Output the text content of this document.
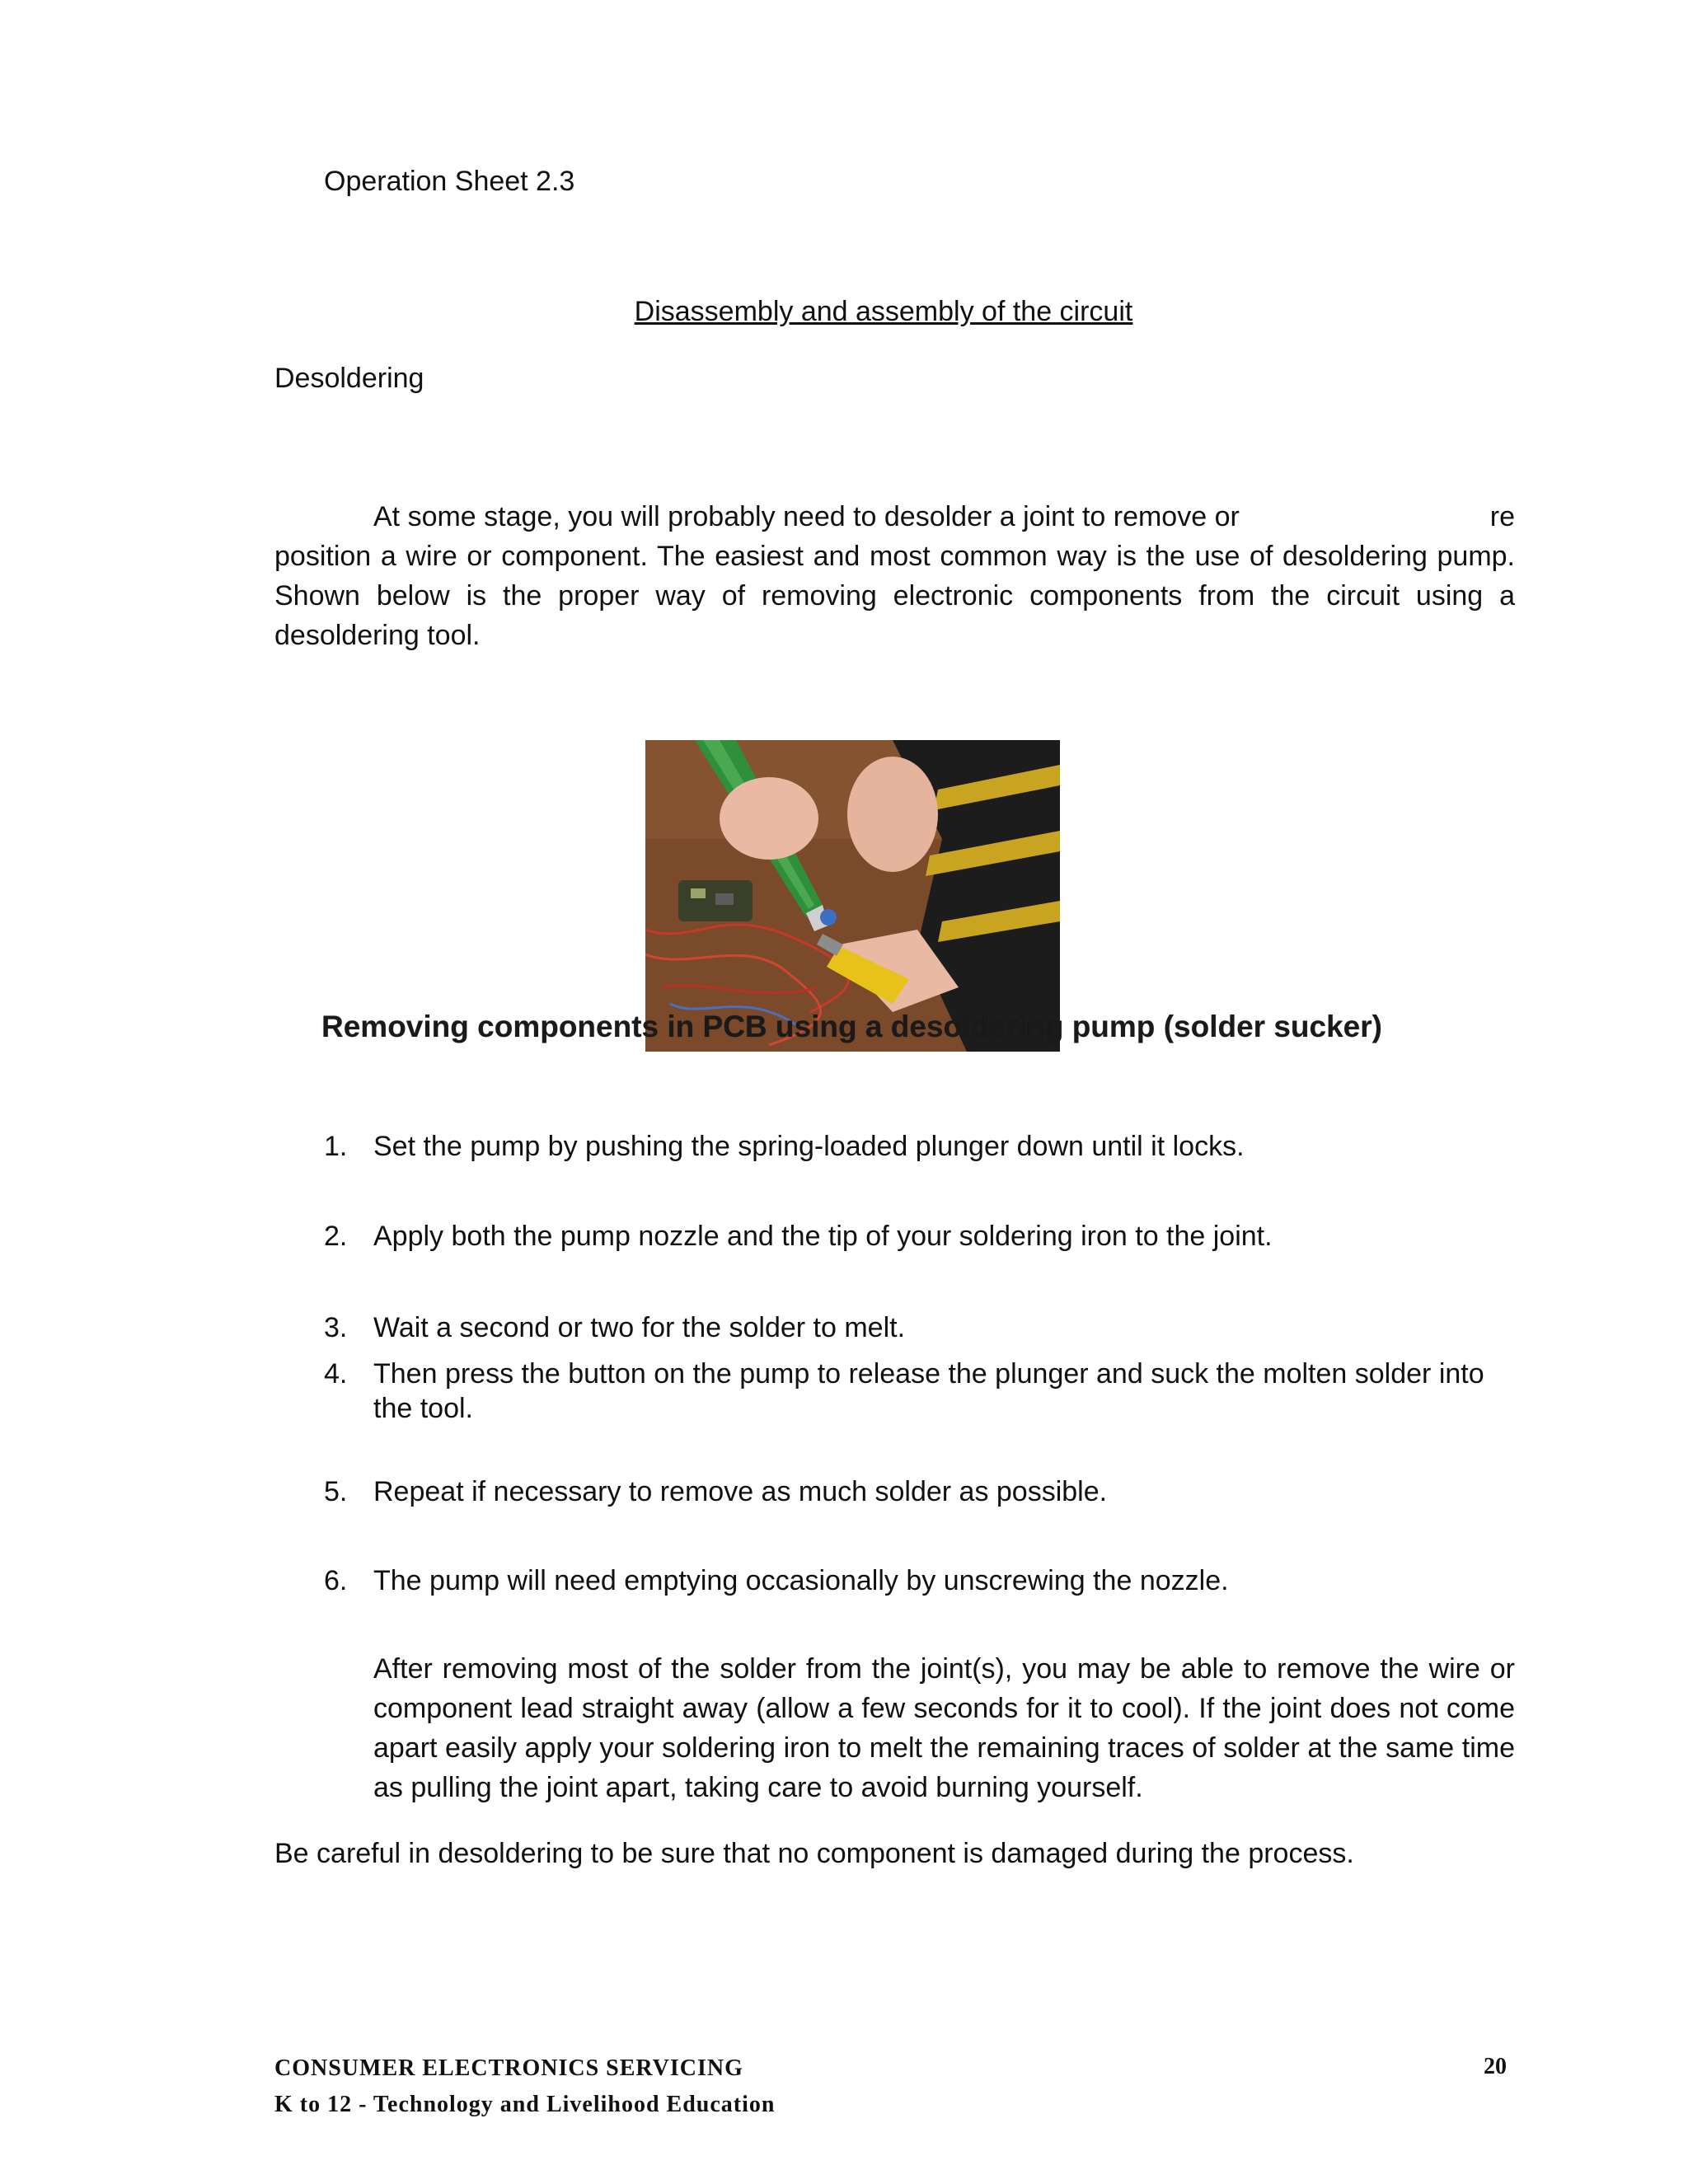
Operation Sheet 2.3
Disassembly and assembly of the circuit
Desoldering
At some stage, you will probably need to desolder a joint to remove or	re
position a wire or component. The easiest and most common way is the use of desoldering pump. Shown below is the proper way of removing electronic components from the circuit using a desoldering tool.
Removing components in PCB using a desoldering pump (solder sucker)
1. Set the pump by pushing the spring-loaded plunger down until it locks.
2. Apply both the pump nozzle and the tip of your soldering iron to the joint.
3. Wait a second or two for the solder to melt.
4. Then press the button on the pump to release the plunger and suck the molten solder into the tool.
5. Repeat if necessary to remove as much solder as possible.
6. The pump will need emptying occasionally by unscrewing the nozzle.
After removing most of the solder from the joint(s), you may be able to remove the wire or component lead straight away (allow a few seconds for it to cool). If the joint does not come apart easily apply your soldering iron to melt the remaining traces of solder at the same time as pulling the joint apart, taking care to avoid burning yourself.
Be careful in desoldering to be sure that no component is damaged during the process.
CONSUMER ELECTRONICS SERVICING
K to 12 - Technology and Livelihood Education
20
